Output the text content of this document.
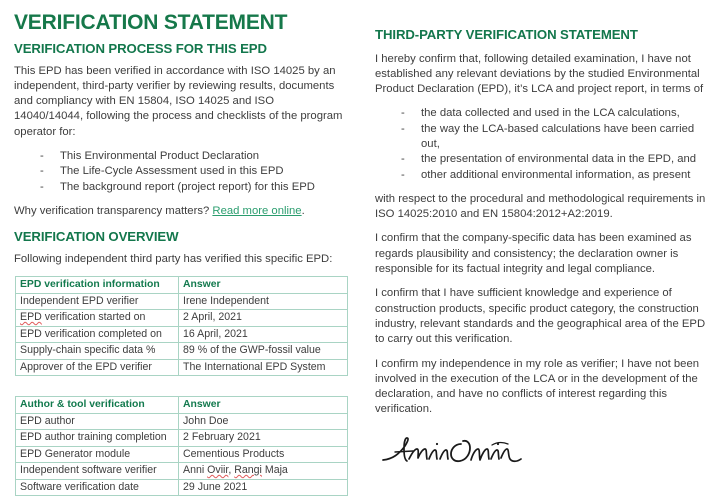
VERIFICATION STATEMENT
VERIFICATION PROCESS FOR THIS EPD

This EPD has been verified in accordance with ISO 14025 by an independent, third-party verifier by reviewing results, documents and compliancy with EN 15804, ISO 14025 and ISO 14040/14044, following the process and checklists of the program operator for:

- This Environmental Product Declaration
- The Life-Cycle Assessment used in this EPD
- The background report (project report) for this EPD

Why verification transparency matters? Read more online.

VERIFICATION OVERVIEW

Following independent third party has verified this specific EPD:

EPD verification information	Answer
Independent EPD verifier	Irene Independent
EPD verification started on	2 April, 2021
EPD verification completed on	16 April, 2021
Supply-chain specific data %	89 % of the GWP-fossil value
Approver of the EPD verifier	The International EPD System
Author & tool verification	Answer
EPD author	John Doe
EPD author training completion	2 February 2021
EPD Generator module	Cementious Products
Independent software verifier	Anni Oviir, Rangi Maja
Software verification date	29 June 2021
THIRD-PARTY VERIFICATION STATEMENT

I hereby confirm that, following detailed examination, I have not established any relevant deviations by the studied Environmental Product Declaration (EPD), it’s LCA and project report, in terms of

- the data collected and used in the LCA calculations,
- the way the LCA-based calculations have been carried out,
- the presentation of environmental data in the EPD, and
- other additional environmental information, as present

with respect to the procedural and methodological requirements in ISO 14025:2010 and EN 15804:2012+A2:2019.

I confirm that the company-specific data has been examined as regards plausibility and consistency; the declaration owner is responsible for its factual integrity and legal compliance.

I confirm that I have sufficient knowledge and experience of construction products, specific product category, the construction industry, relevant standards and the geographical area of the EPD to carry out this verification.

I confirm my independence in my role as verifier; I have not been involved in the execution of the LCA or in the development of the declaration, and have no conflicts of interest regarding this verification.
